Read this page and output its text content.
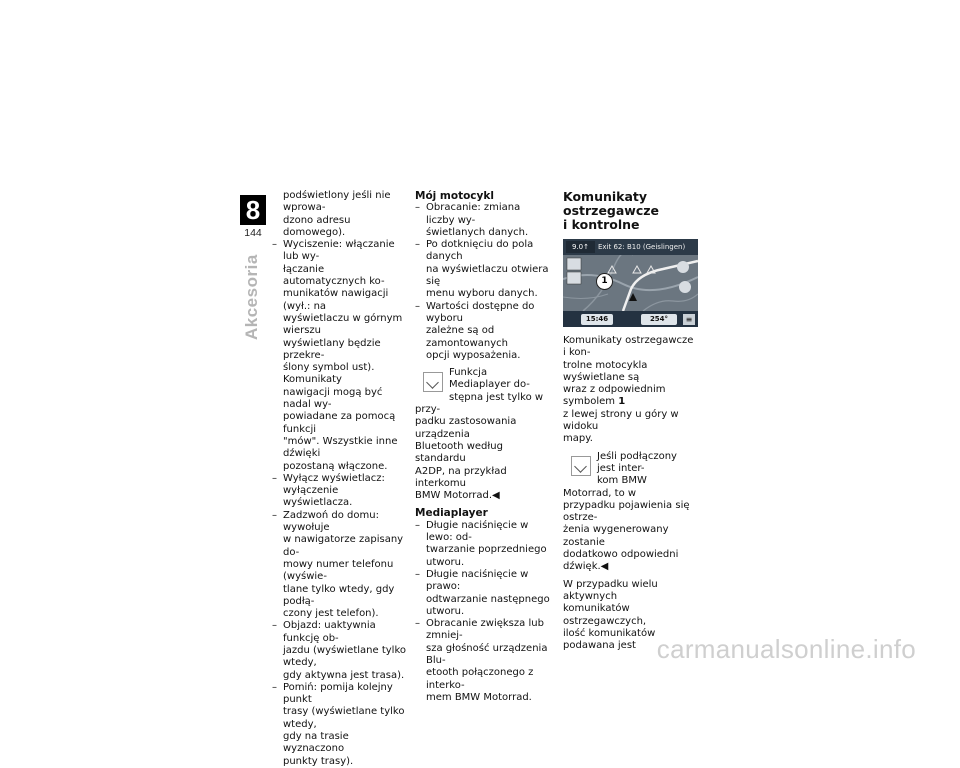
8
144
Akcesoria

podświetlony jeśli nie wprowa-

dzono adresu domowego).

– Wyciszenie: włączanie lub wy-

łączanie automatycznych ko-

munikatów nawigacji (wył.: na

wyświetlaczu w górnym wierszu

wyświetlany będzie przekre-

ślony symbol ust). Komunikaty

nawigacji mogą być nadal wy-

powiadane za pomocą funkcji

"mów". Wszystkie inne dźwięki

pozostaną włączone.

– Wyłącz wyświetlacz: wyłączenie

wyświetlacza.

– Zadzwoń do domu: wywołuje

w nawigatorze zapisany do-

mowy numer telefonu (wyświe-

tlane tylko wtedy, gdy podłą-

czony jest telefon).

– Objazd: uaktywnia funkcję ob-

jazdu (wyświetlane tylko wtedy,

gdy aktywna jest trasa).

– Pomiń: pomija kolejny punkt

trasy (wyświetlane tylko wtedy,

gdy na trasie wyznaczono

punkty trasy).

Mój motocykl

– Obracanie: zmiana liczby wy-

świetlanych danych.

– Po dotknięciu do pola danych

na wyświetlaczu otwiera się

menu wyboru danych.

– Wartości dostępne do wyboru

zależne są od zamontowanych

opcji wyposażenia.

Funkcja Mediaplayer do-

stępna jest tylko w przy-

padku zastosowania urządzenia

Bluetooth według standardu

A2DP, na przykład interkomu

BMW Motorrad.◀

Mediaplayer

– Długie naciśnięcie w lewo: od-

twarzanie poprzedniego utworu.

– Długie naciśnięcie w prawo:

odtwarzanie następnego

utworu.

– Obracanie zwiększa lub zmniej-

sza głośność urządzenia Blu-

etooth połączonego z interko-

mem BMW Motorrad.

Komunikaty ostrzegawcze
i kontrolne
9.0↑	Exit 62: B10 (Geislingen)
1
15:46	254°	≡

Komunikaty ostrzegawcze i kon-

trolne motocykla wyświetlane są

wraz z odpowiednim symbolem 1

z lewej strony u góry w widoku

mapy.

Jeśli podłączony jest inter-

kom BMW Motorrad, to w

przypadku pojawienia się ostrze-

żenia wygenerowany zostanie

dodatkowo odpowiedni dźwięk.◀

W przypadku wielu aktywnych

komunikatów ostrzegawczych,

ilość komunikatów podawana jest carmanualsonline.info
